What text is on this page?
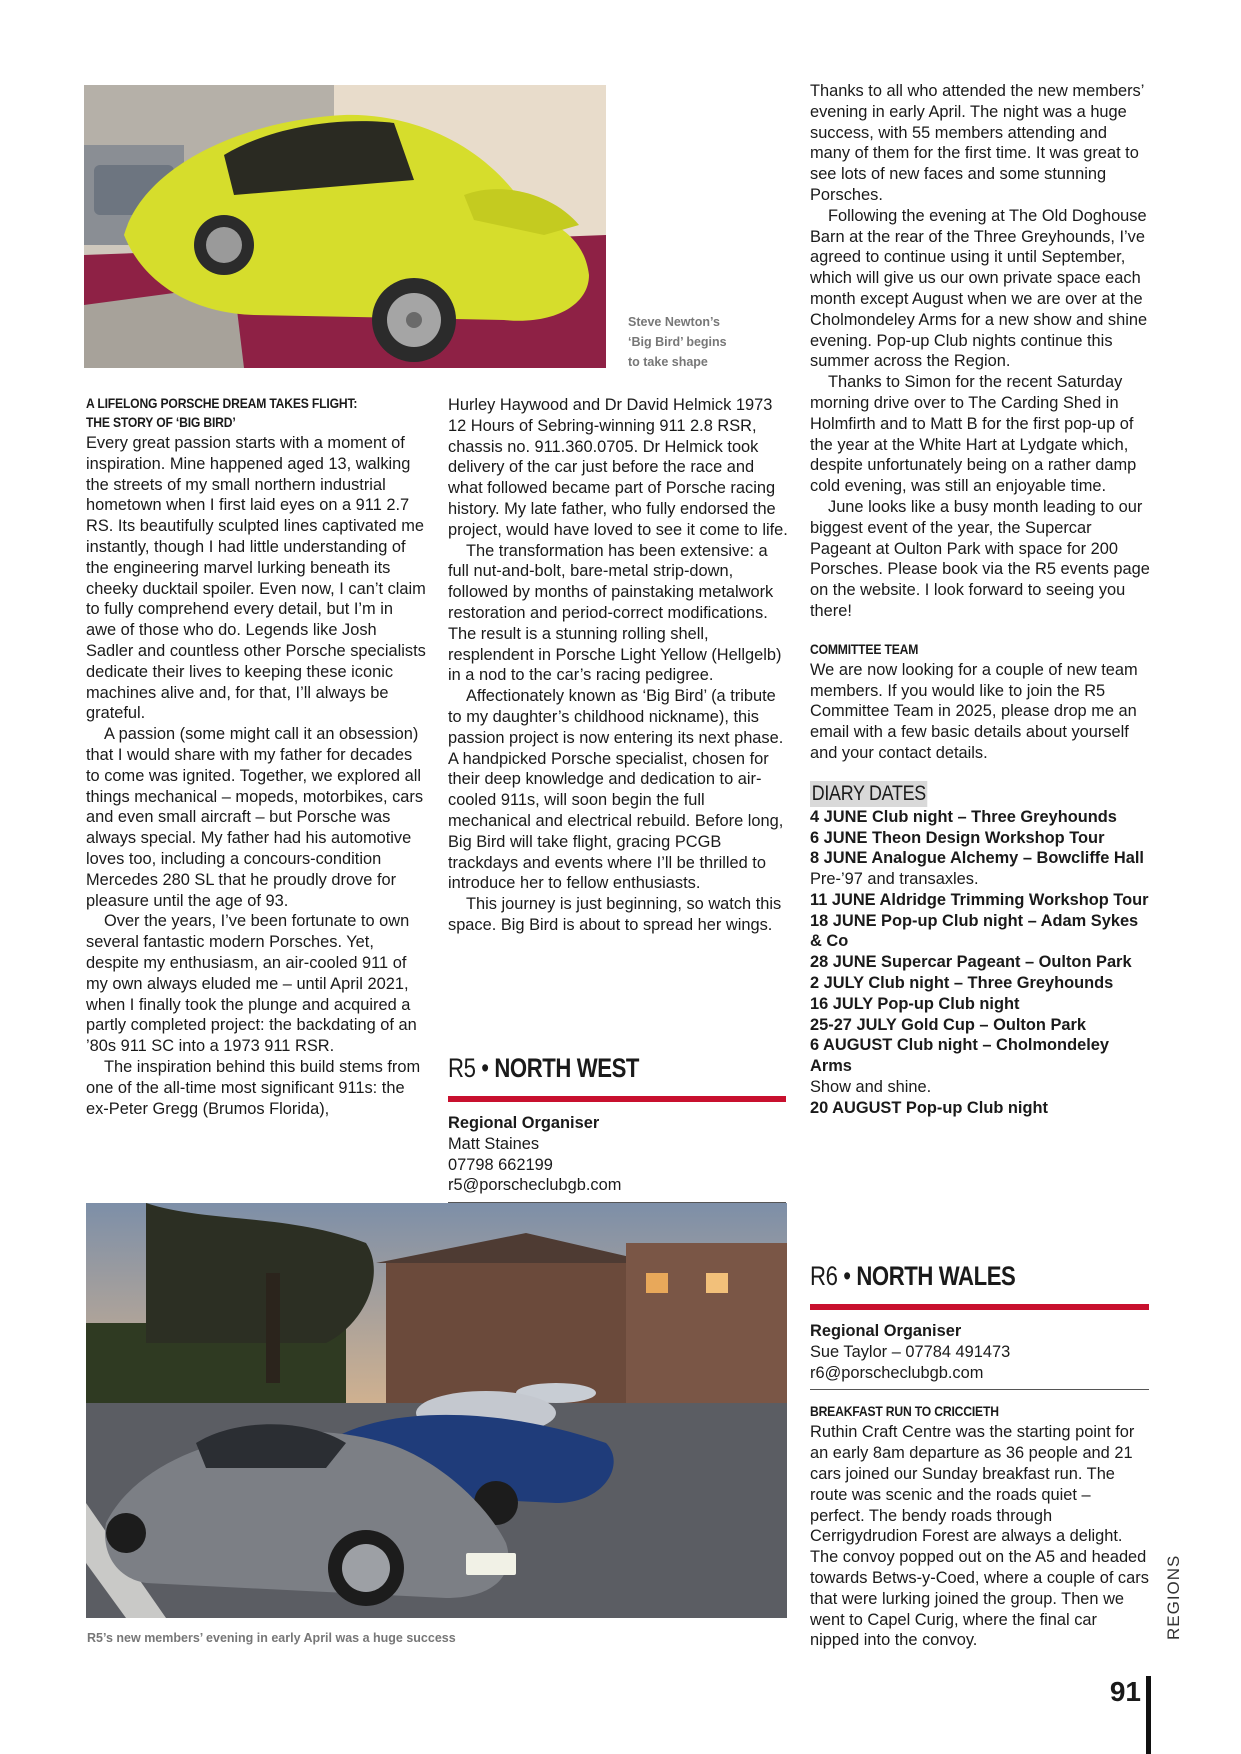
Steve Newton’s
‘Big Bird’ begins
to take shape
A LIFELONG PORSCHE DREAM TAKES FLIGHT:
THE STORY OF ‘BIG BIRD’

Every great passion starts with a moment of inspiration. Mine happened aged 13, walking the streets of my small northern industrial hometown when I first laid eyes on a 911 2.7 RS. Its beautifully sculpted lines captivated me instantly, though I had little understanding of the engineering marvel lurking beneath its cheeky ducktail spoiler. Even now, I can’t claim to fully comprehend every detail, but I’m in awe of those who do. Legends like Josh Sadler and countless other Porsche specialists dedicate their lives to keeping these iconic machines alive and, for that, I’ll always be grateful.

A passion (some might call it an obsession) that I would share with my father for decades to come was ignited. Together, we explored all things mechanical – mopeds, motorbikes, cars and even small aircraft – but Porsche was always special. My father had his automotive loves too, including a concours-condition Mercedes 280 SL that he proudly drove for pleasure until the age of 93.

Over the years, I’ve been fortunate to own several fantastic modern Porsches. Yet, despite my enthusiasm, an air-cooled 911 of my own always eluded me – until April 2021, when I finally took the plunge and acquired a partly completed project: the backdating of an ’80s 911 SC into a 1973 911 RSR.

The inspiration behind this build stems from one of the all-time most significant 911s: the ex-Peter Gregg (Brumos Florida),

Hurley Haywood and Dr David Helmick 1973 12 Hours of Sebring-winning 911 2.8 RSR, chassis no. 911.360.0705. Dr Helmick took delivery of the car just before the race and what followed became part of Porsche racing history. My late father, who fully endorsed the project, would have loved to see it come to life.

The transformation has been extensive: a full nut-and-bolt, bare-metal strip-down, followed by months of painstaking metalwork restoration and period-correct modifications. The result is a stunning rolling shell, resplendent in Porsche Light Yellow (Hellgelb) in a nod to the car’s racing pedigree.

Affectionately known as ‘Big Bird’ (a tribute to my daughter’s childhood nickname), this passion project is now entering its next phase. A handpicked Porsche specialist, chosen for their deep knowledge and dedication to air-cooled 911s, will soon begin the full mechanical and electrical rebuild. Before long, Big Bird will take flight, gracing PCGB trackdays and events where I’ll be thrilled to introduce her to fellow enthusiasts.

This journey is just beginning, so watch this space. Big Bird is about to spread her wings.

R5 • NORTH WEST
Regional Organiser
Matt Staines
07798 662199
r5@porscheclubgb.com
R5’s new members’ evening in early April was a huge success

Thanks to all who attended the new members’ evening in early April. The night was a huge success, with 55 members attending and many of them for the first time. It was great to see lots of new faces and some stunning Porsches.

Following the evening at The Old Doghouse Barn at the rear of the Three Greyhounds, I’ve agreed to continue using it until September, which will give us our own private space each month except August when we are over at the Cholmondeley Arms for a new show and shine evening. Pop-up Club nights continue this summer across the Region.

Thanks to Simon for the recent Saturday morning drive over to The Carding Shed in Holmfirth and to Matt B for the first pop-up of the year at the White Hart at Lydgate which, despite unfortunately being on a rather damp cold evening, was still an enjoyable time.

June looks like a busy month leading to our biggest event of the year, the Supercar Pageant at Oulton Park with space for 200 Porsches. Please book via the R5 events page on the website. I look forward to seeing you there!

COMMITTEE TEAM

We are now looking for a couple of new team members. If you would like to join the R5 Committee Team in 2025, please drop me an email with a few basic details about yourself and your contact details.

DIARY DATES
4 JUNE Club night – Three Greyhounds
6 JUNE Theon Design Workshop Tour
8 JUNE Analogue Alchemy – Bowcliffe Hall
Pre-’97 and transaxles.
11 JUNE Aldridge Trimming Workshop Tour
18 JUNE Pop-up Club night – Adam Sykes & Co
28 JUNE Supercar Pageant – Oulton Park
2 JULY Club night – Three Greyhounds
16 JULY Pop-up Club night
25-27 JULY Gold Cup – Oulton Park
6 AUGUST Club night – Cholmondeley Arms
Show and shine.
20 AUGUST Pop-up Club night
R6 • NORTH WALES
Regional Organiser
Sue Taylor – 07784 491473
r6@porscheclubgb.com
BREAKFAST RUN TO CRICCIETH

Ruthin Craft Centre was the starting point for an early 8am departure as 36 people and 21 cars joined our Sunday breakfast run. The route was scenic and the roads quiet – perfect. The bendy roads through Cerrigydrudion Forest are always a delight. The convoy popped out on the A5 and headed towards Betws-y-Coed, where a couple of cars that were lurking joined the group. Then we went to Capel Curig, where the final car nipped into the convoy.

REGIONS
91
